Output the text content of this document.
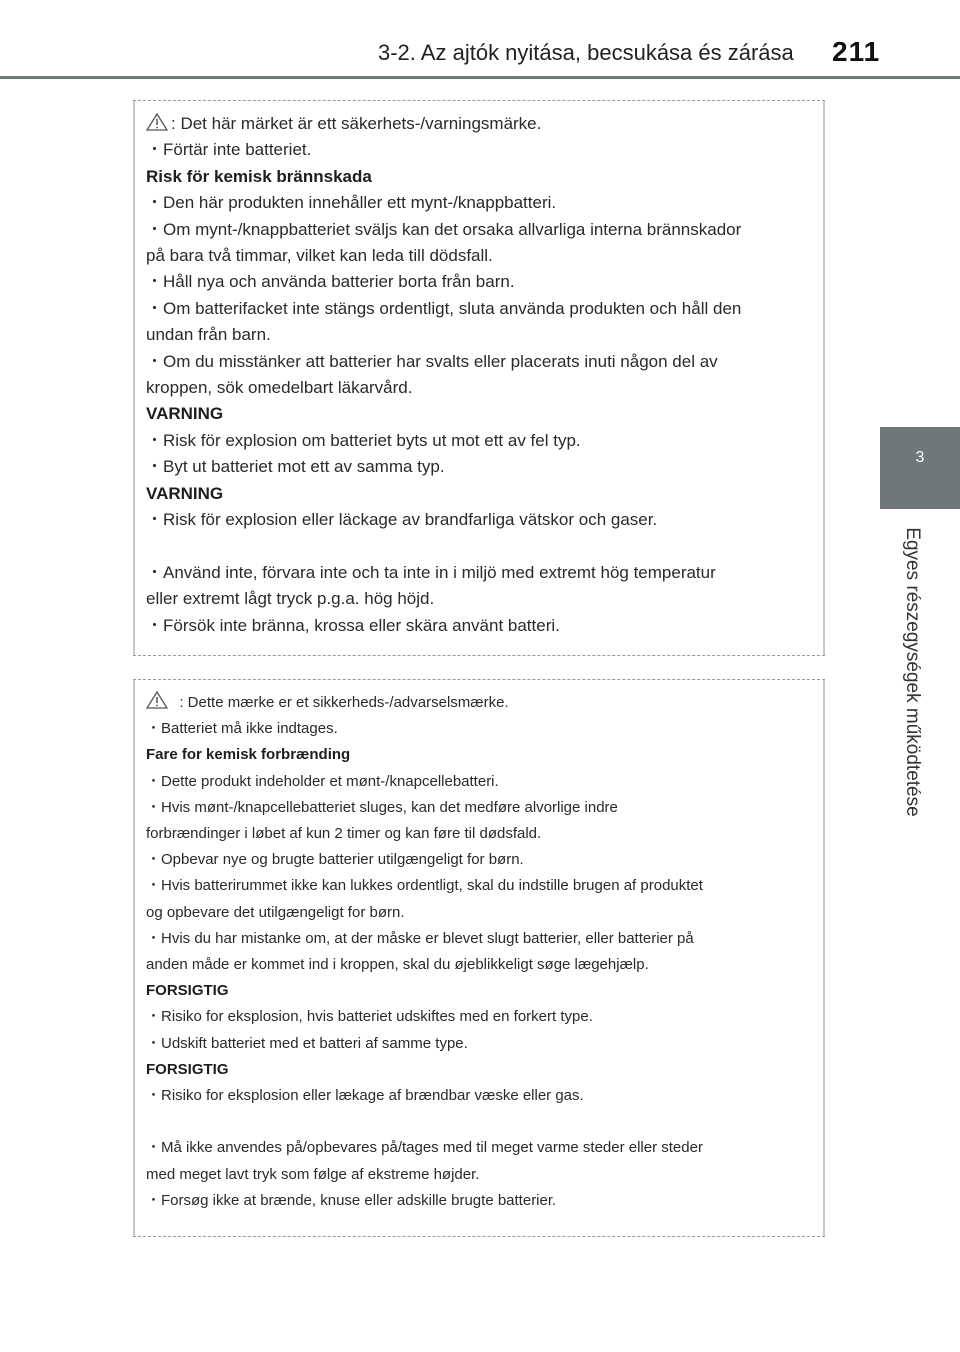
3-2. Az ajtók nyitása, becsukása és zárása 211
3
Egyes részegységek működtetése
: Det här märket är ett säkerhets-/varningsmärke.
・Förtär inte batteriet.
Risk för kemisk brännskada
・Den här produkten innehåller ett mynt-/knappbatteri.
・Om mynt-/knappbatteriet sväljs kan det orsaka allvarliga interna brännskador
på bara två timmar, vilket kan leda till dödsfall.
・Håll nya och använda batterier borta från barn.
・Om batterifacket inte stängs ordentligt, sluta använda produkten och håll den
undan från barn.
・Om du misstänker att batterier har svalts eller placerats inuti någon del av
kroppen, sök omedelbart läkarvård.
VARNING
・Risk för explosion om batteriet byts ut mot ett av fel typ.
・Byt ut batteriet mot ett av samma typ.
VARNING
・Risk för explosion eller läckage av brandfarliga vätskor och gaser.
・Använd inte, förvara inte och ta inte in i miljö med extremt hög temperatur
eller extremt lågt tryck p.g.a. hög höjd.
・Försök inte bränna, krossa eller skära använt batteri.
: Dette mærke er et sikkerheds-/advarselsmærke.
・Batteriet må ikke indtages.
Fare for kemisk forbrænding
・Dette produkt indeholder et mønt-/knapcellebatteri.
・Hvis mønt-/knapcellebatteriet sluges, kan det medføre alvorlige indre
forbrændinger i løbet af kun 2 timer og kan føre til dødsfald.
・Opbevar nye og brugte batterier utilgængeligt for børn.
・Hvis batterirummet ikke kan lukkes ordentligt, skal du indstille brugen af produktet
og opbevare det utilgængeligt for børn.
・Hvis du har mistanke om, at der måske er blevet slugt batterier, eller batterier på
anden måde er kommet ind i kroppen, skal du øjeblikkeligt søge lægehjælp.
FORSIGTIG
・Risiko for eksplosion, hvis batteriet udskiftes med en forkert type.
・Udskift batteriet med et batteri af samme type.
FORSIGTIG
・Risiko for eksplosion eller lækage af brændbar væske eller gas.
・Må ikke anvendes på/opbevares på/tages med til meget varme steder eller steder
med meget lavt tryk som følge af ekstreme højder.
・Forsøg ikke at brænde, knuse eller adskille brugte batterier.
